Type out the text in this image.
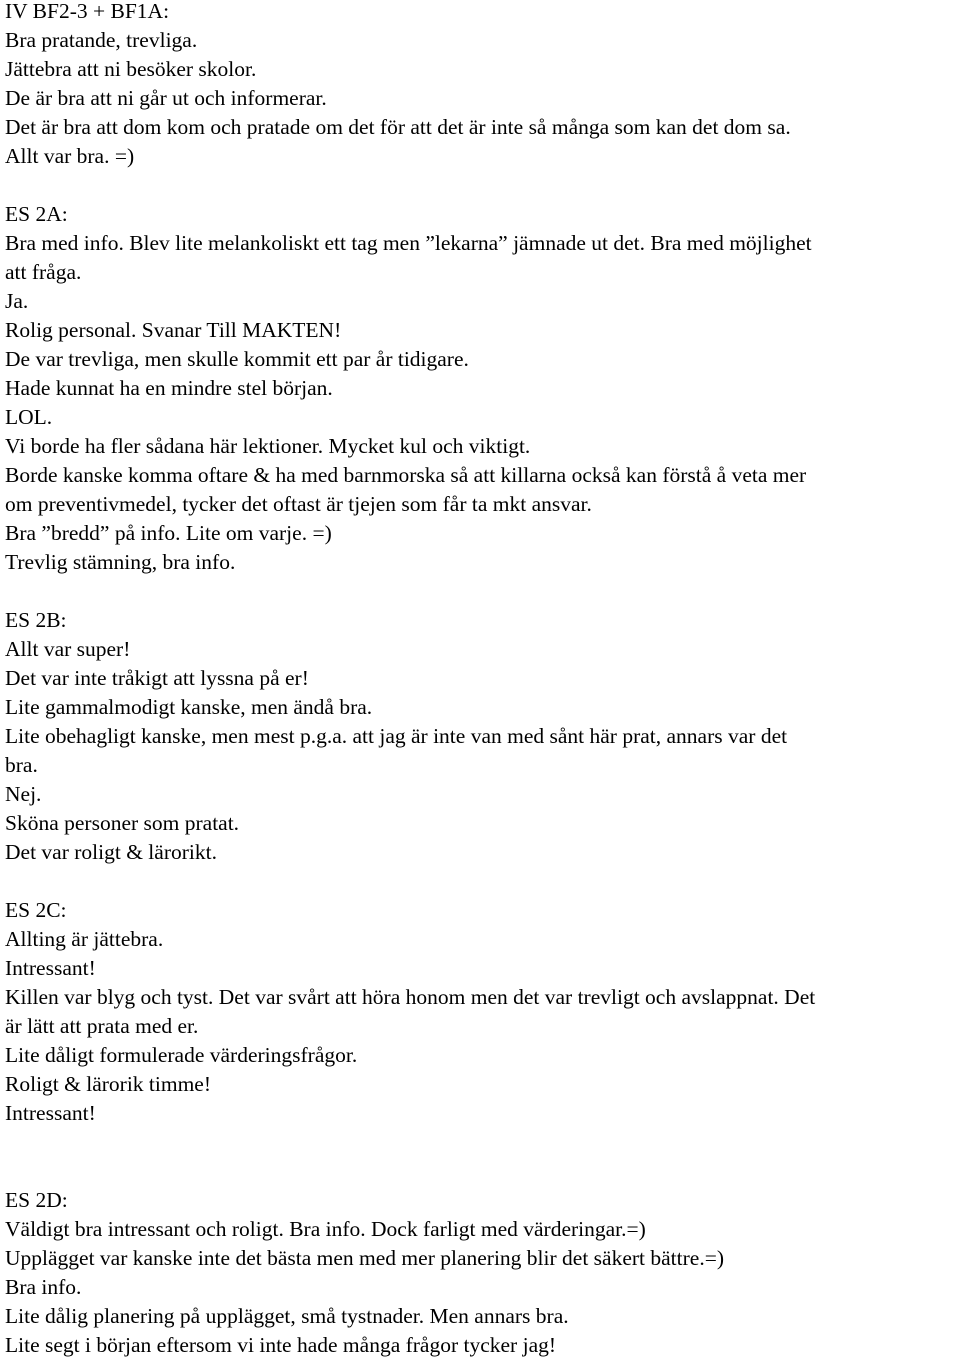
IV BF2-3 + BF1A:
Bra pratande, trevliga.
Jättebra att ni besöker skolor.
De är bra att ni går ut och informerar.
Det är bra att dom kom och pratade om det för att det är inte så många som kan det dom sa.
Allt var bra. =)
ES 2A:
Bra med info. Blev lite melankoliskt ett tag men ”lekarna” jämnade ut det. Bra med möjlighet
att fråga.
Ja.
Rolig personal. Svanar Till MAKTEN!
De var trevliga, men skulle kommit ett par år tidigare.
Hade kunnat ha en mindre stel början.
LOL.
Vi borde ha fler sådana här lektioner. Mycket kul och viktigt.
Borde kanske komma oftare & ha med barnmorska så att killarna också kan förstå å veta mer
om preventivmedel, tycker det oftast är tjejen som får ta mkt ansvar.
Bra ”bredd” på info. Lite om varje. =)
Trevlig stämning, bra info.
ES 2B:
Allt var super!
Det var inte tråkigt att lyssna på er!
Lite gammalmodigt kanske, men ändå bra.
Lite obehagligt kanske, men mest p.g.a. att jag är inte van med sånt här prat, annars var det
bra.
Nej.
Sköna personer som pratat.
Det var roligt & lärorikt.
ES 2C:
Allting är jättebra.
Intressant!
Killen var blyg och tyst. Det var svårt att höra honom men det var trevligt och avslappnat. Det
är lätt att prata med er.
Lite dåligt formulerade värderingsfrågor.
Roligt & lärorik timme!
Intressant!
ES 2D:
Väldigt bra intressant och roligt. Bra info. Dock farligt med värderingar.=)
Upplägget var kanske inte det bästa men med mer planering blir det säkert bättre.=)
Bra info.
Lite dålig planering på upplägget, små tystnader. Men annars bra.
Lite segt i början eftersom vi inte hade många frågor tycker jag!
